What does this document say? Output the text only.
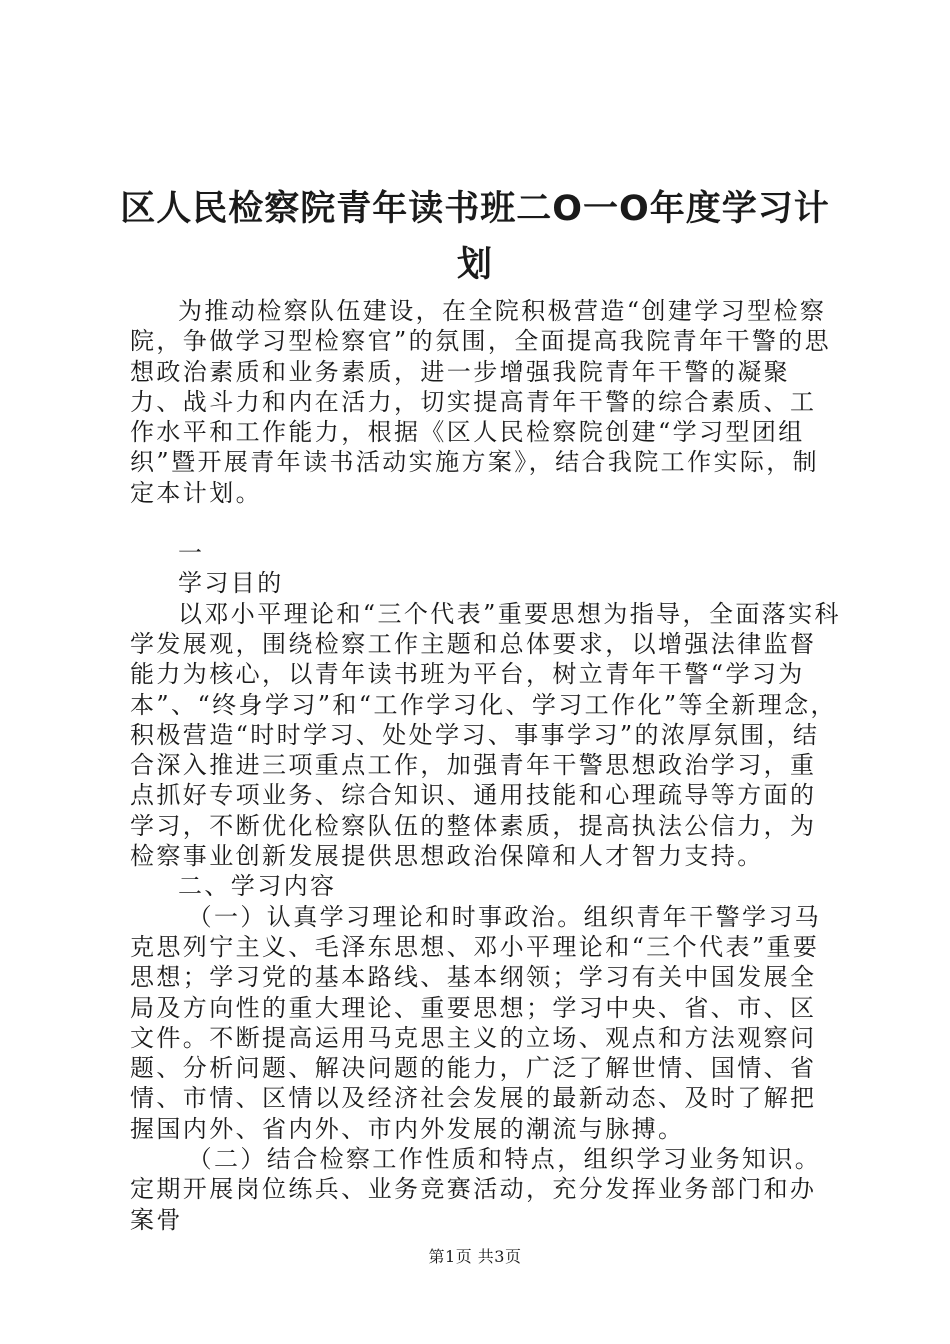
区人民检察院青年读书班二O一O年度学习计
划

为推动检察队伍建设，在全院积极营造“创建学习型检察院，争做学习型检察官”的氛围，全面提高我院青年干警的思想政治素质和业务素质，进一步增强我院青年干警的凝聚力、战斗力和内在活力，切实提高青年干警的综合素质、工作水平和工作能力，根据《区人民检察院创建“学习型团组织”暨开展青年读书活动实施方案》，结合我院工作实际，制定本计划。

一

学习目的

以邓小平理论和“三个代表”重要思想为指导，全面落实科学发展观，围绕检察工作主题和总体要求，以增强法律监督能力为核心，以青年读书班为平台，树立青年干警“学习为本”、“终身学习”和“工作学习化、学习工作化”等全新理念，积极营造“时时学习、处处学习、事事学习”的浓厚氛围，结合深入推进三项重点工作，加强青年干警思想政治学习，重点抓好专项业务、综合知识、通用技能和心理疏导等方面的学习，不断优化检察队伍的整体素质，提高执法公信力，为检察事业创新发展提供思想政治保障和人才智力支持。

二、学习内容

（一）认真学习理论和时事政治。组织青年干警学习马克思列宁主义、毛泽东思想、邓小平理论和“三个代表”重要思想；学习党的基本路线、基本纲领；学习有关中国发展全局及方向性的重大理论、重要思想；学习中央、省、市、区文件。不断提高运用马克思主义的立场、观点和方法观察问题、分析问题、解决问题的能力，广泛了解世情、国情、省情、市情、区情以及经济社会发展的最新动态、及时了解把握国内外、省内外、市内外发展的潮流与脉搏。

（二）结合检察工作性质和特点，组织学习业务知识。定期开展岗位练兵、业务竞赛活动，充分发挥业务部门和办案骨

第1页 共3页
